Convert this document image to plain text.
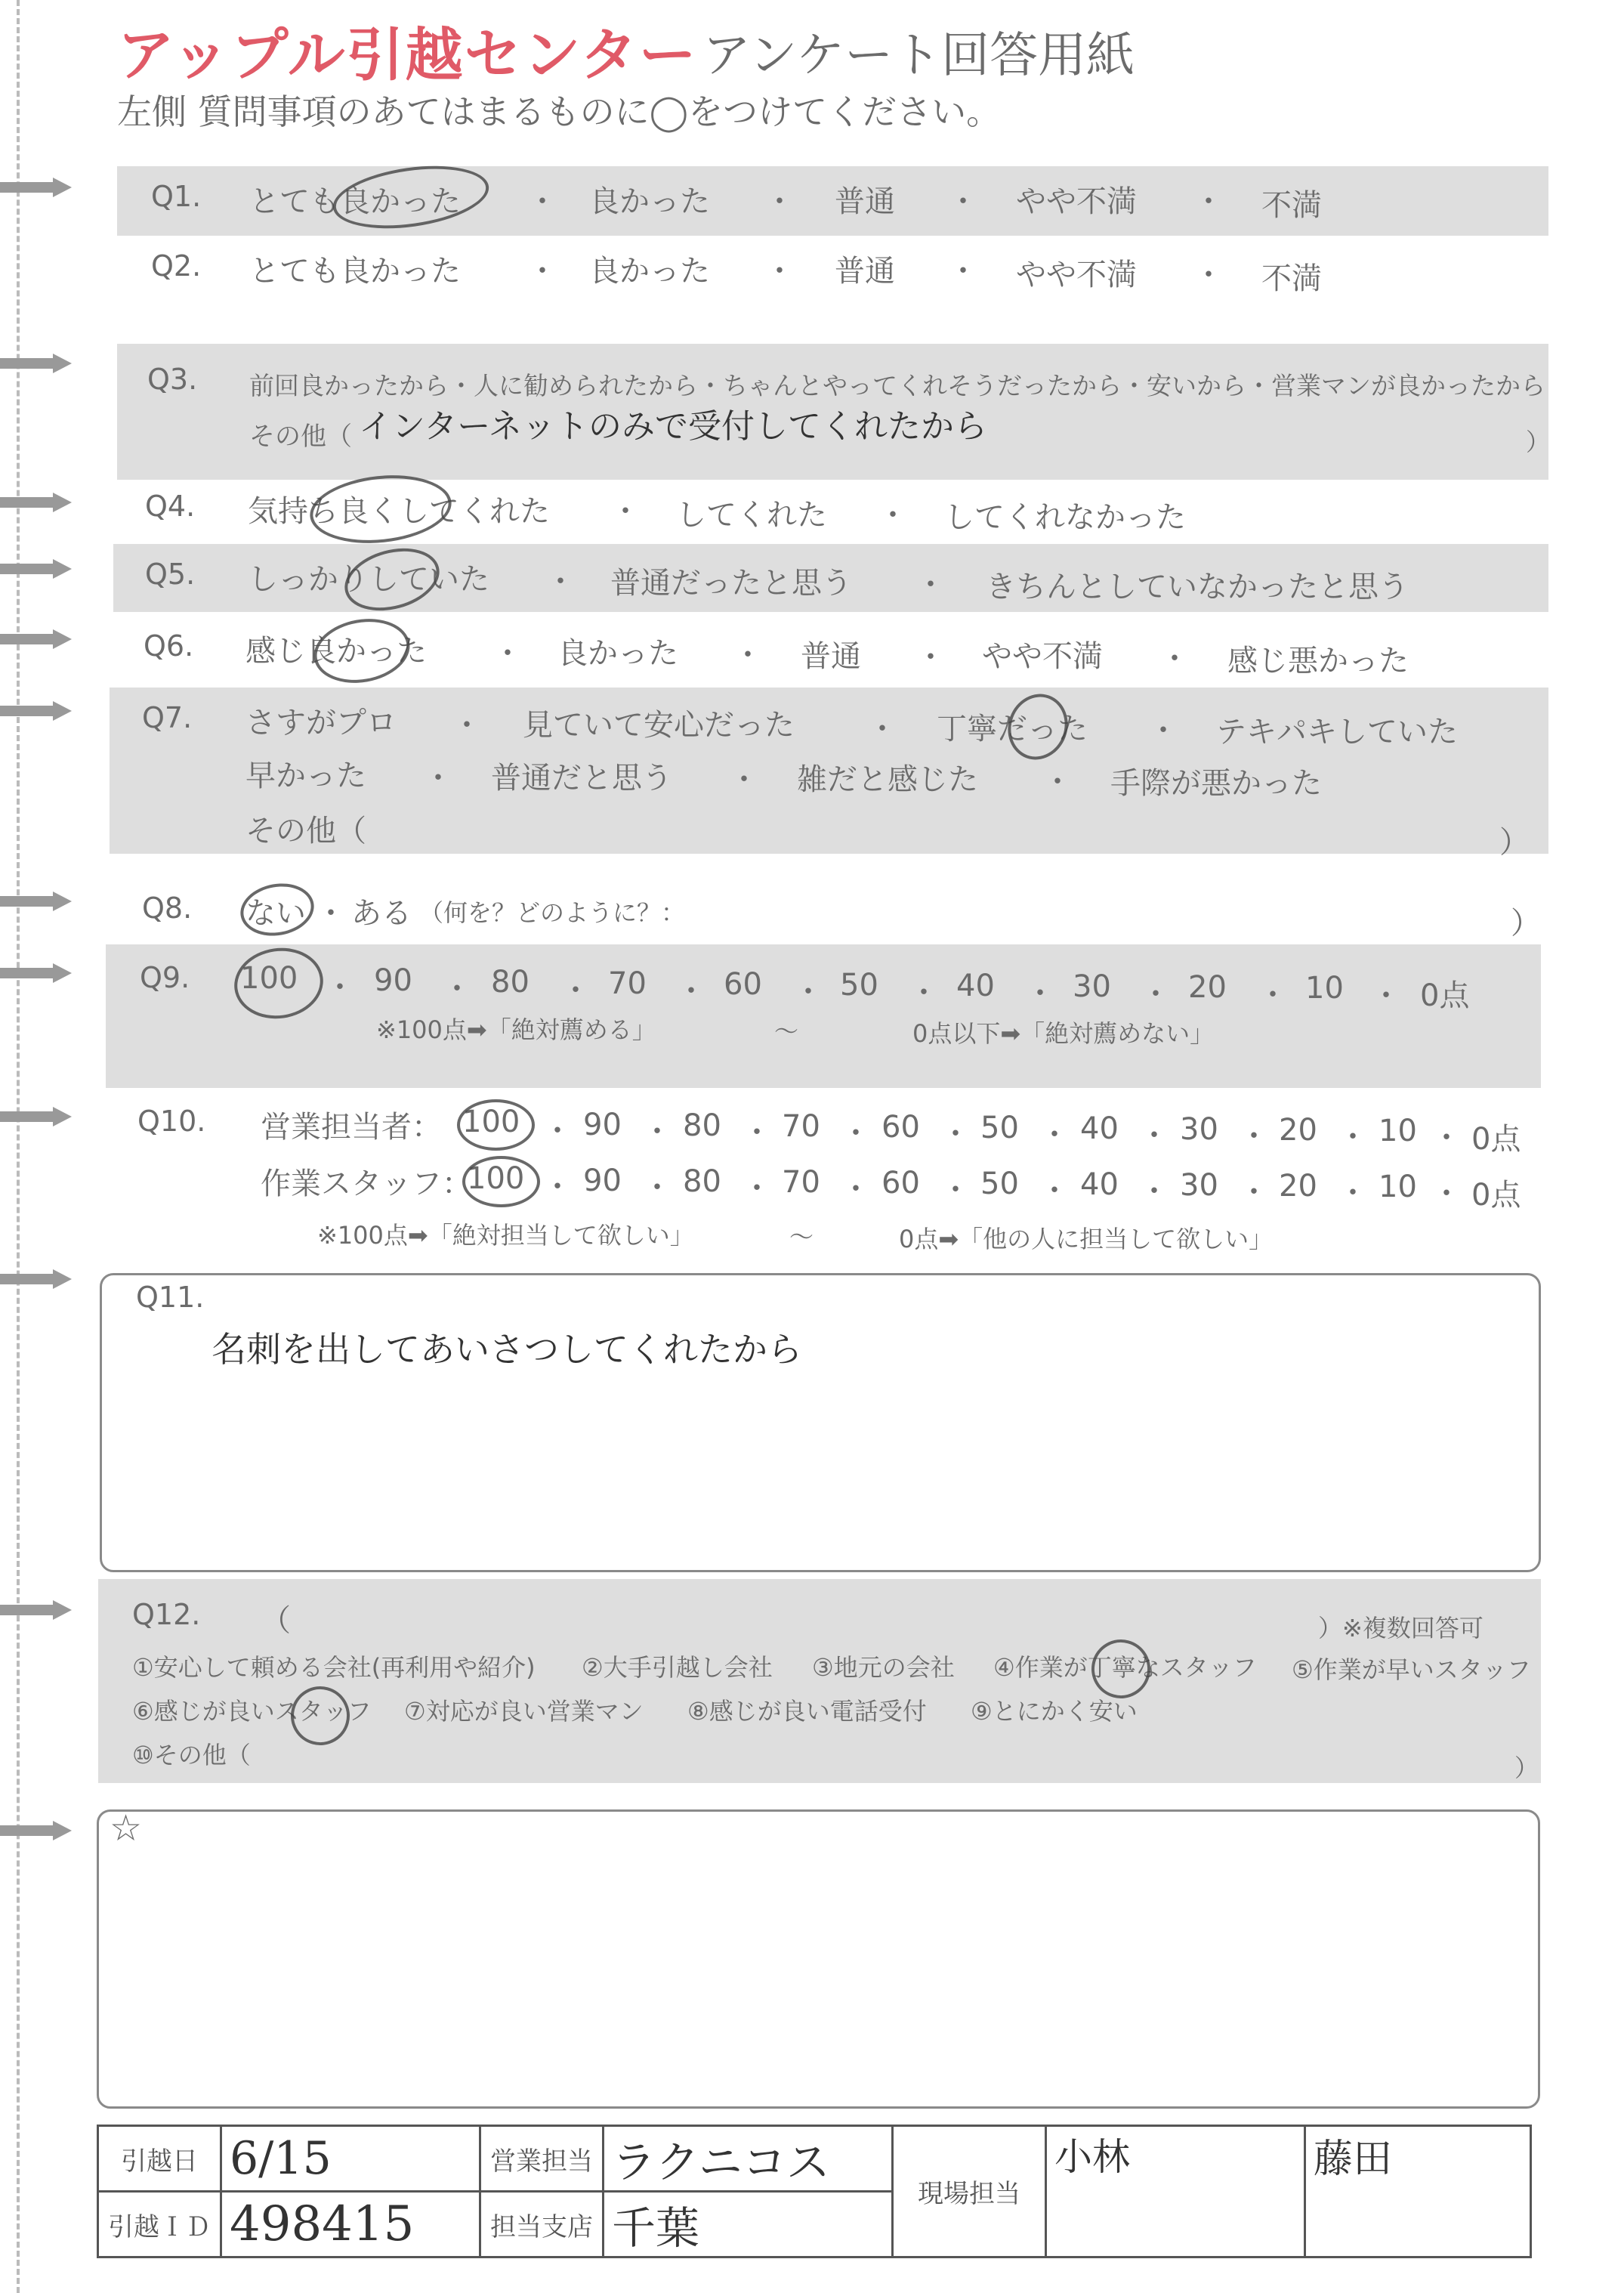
アップル引越センター アンケート回答用紙
左側 質問事項のあてはまるものに◯をつけてください。
Q1. とても良かった ・ 良かった ・ 普通 ・ やや不満 ・ 不満
Q2. とても良かった ・ 良かった ・ 普通 ・ やや不満 ・ 不満
Q3. 前回良かったから・人に勧められたから・ちゃんとやってくれそうだったから・安いから・営業マンが良かったから
その他（ インターネットのみで受付してくれたから	）
Q4. 気持ち良くしてくれた ・ してくれた ・ してくれなかった
Q5. しっかりしていた ・ 普通だったと思う ・ きちんとしていなかったと思う
Q6. 感じ良かった ・ 良かった ・ 普通 ・ やや不満 ・ 感じ悪かった
Q7. さすがプロ ・ 見ていて安心だった ・ 丁寧だった ・ テキパキしていた
早かった ・ 普通だと思う ・ 雑だと感じた ・ 手際が悪かった
その他（	）
Q8. ない ・ ある （何を？どのように？：	）
Q9. 100 ・ 90 ・ 80 ・ 70 ・ 60 ・ 50 ・ 40 ・ 30 ・ 20 ・ 10 ・ 0点
※100点➡「絶対薦める」	〜	0点以下➡「絶対薦めない」
Q10. 営業担当者： 100 ・ 90 ・ 80 ・ 70 ・ 60 ・ 50 ・ 40 ・ 30 ・ 20 ・ 10 ・ 0点
作業スタッフ：
100 ・ 90 ・ 80 ・ 70 ・ 60 ・ 50 ・ 40 ・ 30 ・ 20 ・ 10 ・ 0点
※100点➡「絶対担当して欲しい」	〜	0点➡「他の人に担当して欲しい」
Q11.
名刺を出してあいさつしてくれたから
Q12. （	）※複数回答可
①安心して頼める会社(再利用や紹介) ②大手引越し会社 ③地元の会社 ④作業が丁寧なスタッフ ⑤作業が早いスタッフ
⑥感じが良いスタッフ ⑦対応が良い営業マン ⑧感じが良い電話受付 ⑨とにかく安い
⑩その他（	）
☆
引越日	6/15	営業担当	ラクニコス	現場担当	小林	藤田
引越ＩＤ	498415	担当支店	千葉			
